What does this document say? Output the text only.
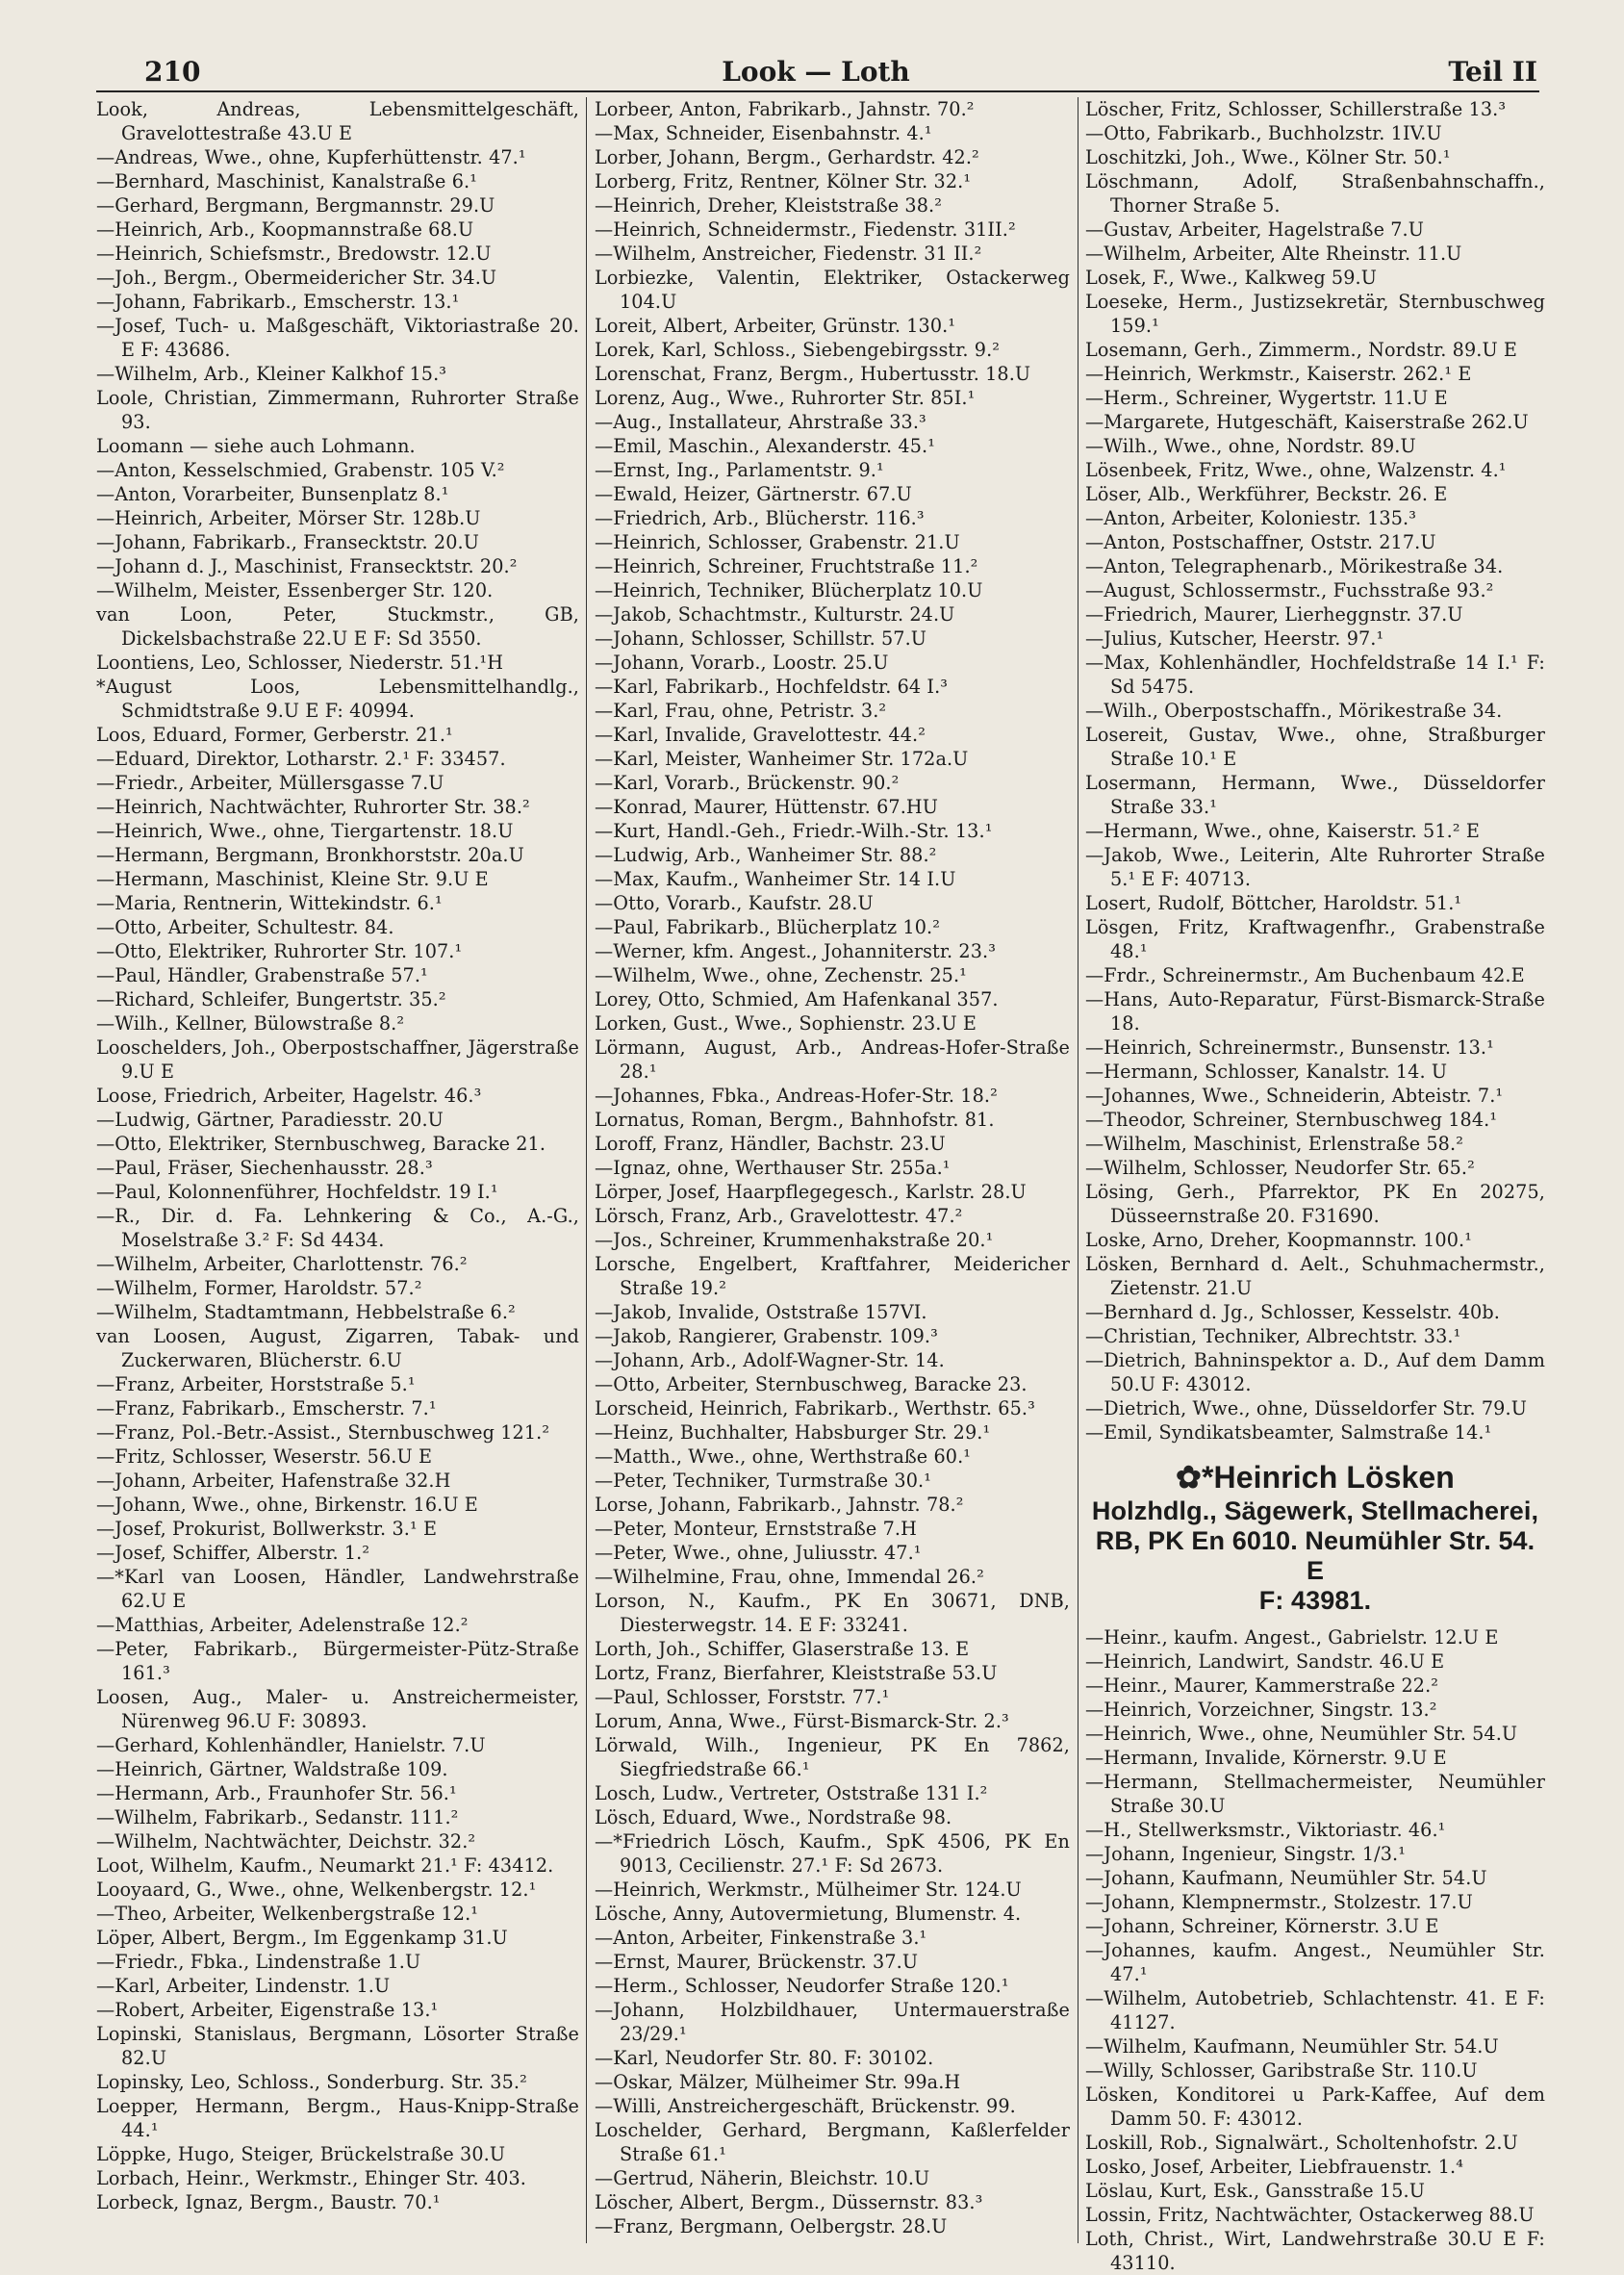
210	Look — Loth	Teil II
Look, Andreas, Lebensmittelgeschäft, Gravelottestraße 43.U E
—Andreas, Wwe., ohne, Kupferhüttenstr. 47.¹
—Bernhard, Maschinist, Kanalstraße 6.¹
—Gerhard, Bergmann, Bergmannstr. 29.U
—Heinrich, Arb., Koopmannstraße 68.U
—Heinrich, Schiefsmstr., Bredowstr. 12.U
—Joh., Bergm., Obermeidericher Str. 34.U
—Johann, Fabrikarb., Emscherstr. 13.¹
—Josef, Tuch- u. Maßgeschäft, Viktoriastraße 20. E F: 43686.
—Wilhelm, Arb., Kleiner Kalkhof 15.³
Loole, Christian, Zimmermann, Ruhrorter Straße 93.
Loomann — siehe auch Lohmann.
—Anton, Kesselschmied, Grabenstr. 105 V.²
—Anton, Vorarbeiter, Bunsenplatz 8.¹
—Heinrich, Arbeiter, Mörser Str. 128b.U
—Johann, Fabrikarb., Fransecktstr. 20.U
—Johann d. J., Maschinist, Fransecktstr. 20.²
—Wilhelm, Meister, Essenberger Str. 120.
van Loon, Peter, Stuckmstr., GB, Dickelsbachstraße 22.U E F: Sd 3550.
Loontiens, Leo, Schlosser, Niederstr. 51.¹H
*August Loos, Lebensmittelhandlg., Schmidtstraße 9.U E F: 40994.
Loos, Eduard, Former, Gerberstr. 21.¹
—Eduard, Direktor, Lotharstr. 2.¹ F: 33457.
—Friedr., Arbeiter, Müllersgasse 7.U
—Heinrich, Nachtwächter, Ruhrorter Str. 38.²
—Heinrich, Wwe., ohne, Tiergartenstr. 18.U
—Hermann, Bergmann, Bronkhorststr. 20a.U
—Hermann, Maschinist, Kleine Str. 9.U E
—Maria, Rentnerin, Wittekindstr. 6.¹
—Otto, Arbeiter, Schultestr. 84.
—Otto, Elektriker, Ruhrorter Str. 107.¹
—Paul, Händler, Grabenstraße 57.¹
—Richard, Schleifer, Bungertstr. 35.²
—Wilh., Kellner, Bülowstraße 8.²
Looschelders, Joh., Oberpostschaffner, Jägerstraße 9.U E
Loose, Friedrich, Arbeiter, Hagelstr. 46.³
—Ludwig, Gärtner, Paradiesstr. 20.U
—Otto, Elektriker, Sternbuschweg, Baracke 21.
—Paul, Fräser, Siechenhausstr. 28.³
—Paul, Kolonnenführer, Hochfeldstr. 19 I.¹
—R., Dir. d. Fa. Lehnkering & Co., A.-G., Moselstraße 3.² F: Sd 4434.
—Wilhelm, Arbeiter, Charlottenstr. 76.²
—Wilhelm, Former, Haroldstr. 57.²
—Wilhelm, Stadtamtmann, Hebbelstraße 6.²
van Loosen, August, Zigarren, Tabak- und Zuckerwaren, Blücherstr. 6.U
—Franz, Arbeiter, Horststraße 5.¹
—Franz, Fabrikarb., Emscherstr. 7.¹
—Franz, Pol.-Betr.-Assist., Sternbuschweg 121.²
—Fritz, Schlosser, Weserstr. 56.U E
—Johann, Arbeiter, Hafenstraße 32.H
—Johann, Wwe., ohne, Birkenstr. 16.U E
—Josef, Prokurist, Bollwerkstr. 3.¹ E
—Josef, Schiffer, Alberstr. 1.²
—*Karl van Loosen, Händler, Landwehrstraße 62.U E
—Matthias, Arbeiter, Adelenstraße 12.²
—Peter, Fabrikarb., Bürgermeister-Pütz-Straße 161.³
Loosen, Aug., Maler- u. Anstreichermeister, Nürenweg 96.U F: 30893.
—Gerhard, Kohlenhändler, Hanielstr. 7.U
—Heinrich, Gärtner, Waldstraße 109.
—Hermann, Arb., Fraunhofer Str. 56.¹
—Wilhelm, Fabrikarb., Sedanstr. 111.²
—Wilhelm, Nachtwächter, Deichstr. 32.²
Loot, Wilhelm, Kaufm., Neumarkt 21.¹ F: 43412.
Looyaard, G., Wwe., ohne, Welkenbergstr. 12.¹
—Theo, Arbeiter, Welkenbergstraße 12.¹
Löper, Albert, Bergm., Im Eggenkamp 31.U
—Friedr., Fbka., Lindenstraße 1.U
—Karl, Arbeiter, Lindenstr. 1.U
—Robert, Arbeiter, Eigenstraße 13.¹
Lopinski, Stanislaus, Bergmann, Lösorter Straße 82.U
Lopinsky, Leo, Schloss., Sonderburg. Str. 35.²
Loepper, Hermann, Bergm., Haus-Knipp-Straße 44.¹
Löppke, Hugo, Steiger, Brückelstraße 30.U
Lorbach, Heinr., Werkmstr., Ehinger Str. 403.
Lorbeck, Ignaz, Bergm., Baustr. 70.¹
Lorbeer, Anton, Fabrikarb., Jahnstr. 70.²
—Max, Schneider, Eisenbahnstr. 4.¹
Lorber, Johann, Bergm., Gerhardstr. 42.²
Lorberg, Fritz, Rentner, Kölner Str. 32.¹
—Heinrich, Dreher, Kleiststraße 38.²
—Heinrich, Schneidermstr., Fiedenstr. 31II.²
—Wilhelm, Anstreicher, Fiedenstr. 31 II.²
Lorbiezke, Valentin, Elektriker, Ostackerweg 104.U
Loreit, Albert, Arbeiter, Grünstr. 130.¹
Lorek, Karl, Schloss., Siebengebirgsstr. 9.²
Lorenschat, Franz, Bergm., Hubertusstr. 18.U
Lorenz, Aug., Wwe., Ruhrorter Str. 85I.¹
—Aug., Installateur, Ahrstraße 33.³
—Emil, Maschin., Alexanderstr. 45.¹
—Ernst, Ing., Parlamentstr. 9.¹
—Ewald, Heizer, Gärtnerstr. 67.U
—Friedrich, Arb., Blücherstr. 116.³
—Heinrich, Schlosser, Grabenstr. 21.U
—Heinrich, Schreiner, Fruchtstraße 11.²
—Heinrich, Techniker, Blücherplatz 10.U
—Jakob, Schachtmstr., Kulturstr. 24.U
—Johann, Schlosser, Schillstr. 57.U
—Johann, Vorarb., Loostr. 25.U
—Karl, Fabrikarb., Hochfeldstr. 64 I.³
—Karl, Frau, ohne, Petristr. 3.²
—Karl, Invalide, Gravelottestr. 44.²
—Karl, Meister, Wanheimer Str. 172a.U
—Karl, Vorarb., Brückenstr. 90.²
—Konrad, Maurer, Hüttenstr. 67.HU
—Kurt, Handl.-Geh., Friedr.-Wilh.-Str. 13.¹
—Ludwig, Arb., Wanheimer Str. 88.²
—Max, Kaufm., Wanheimer Str. 14 I.U
—Otto, Vorarb., Kaufstr. 28.U
—Paul, Fabrikarb., Blücherplatz 10.²
—Werner, kfm. Angest., Johanniterstr. 23.³
—Wilhelm, Wwe., ohne, Zechenstr. 25.¹
Lorey, Otto, Schmied, Am Hafenkanal 357.
Lorken, Gust., Wwe., Sophienstr. 23.U E
Lörmann, August, Arb., Andreas-Hofer-Straße 28.¹
—Johannes, Fbka., Andreas-Hofer-Str. 18.²
Lornatus, Roman, Bergm., Bahnhofstr. 81.
Loroff, Franz, Händler, Bachstr. 23.U
—Ignaz, ohne, Werthauser Str. 255a.¹
Lörper, Josef, Haarpflegegesch., Karlstr. 28.U
Lörsch, Franz, Arb., Gravelottestr. 47.²
—Jos., Schreiner, Krummenhakstraße 20.¹
Lorsche, Engelbert, Kraftfahrer, Meidericher Straße 19.²
—Jakob, Invalide, Oststraße 157VI.
—Jakob, Rangierer, Grabenstr. 109.³
—Johann, Arb., Adolf-Wagner-Str. 14.
—Otto, Arbeiter, Sternbuschweg, Baracke 23.
Lorscheid, Heinrich, Fabrikarb., Werthstr. 65.³
—Heinz, Buchhalter, Habsburger Str. 29.¹
—Matth., Wwe., ohne, Werthstraße 60.¹
—Peter, Techniker, Turmstraße 30.¹
Lorse, Johann, Fabrikarb., Jahnstr. 78.²
—Peter, Monteur, Ernststraße 7.H
—Peter, Wwe., ohne, Juliusstr. 47.¹
—Wilhelmine, Frau, ohne, Immendal 26.²
Lorson, N., Kaufm., PK En 30671, DNB, Diesterwegstr. 14. E F: 33241.
Lorth, Joh., Schiffer, Glaserstraße 13. E
Lortz, Franz, Bierfahrer, Kleiststraße 53.U
—Paul, Schlosser, Forststr. 77.¹
Lorum, Anna, Wwe., Fürst-Bismarck-Str. 2.³
Lörwald, Wilh., Ingenieur, PK En 7862, Siegfriedstraße 66.¹
Losch, Ludw., Vertreter, Oststraße 131 I.²
Lösch, Eduard, Wwe., Nordstraße 98.
—*Friedrich Lösch, Kaufm., SpK 4506, PK En 9013, Cecilienstr. 27.¹ F: Sd 2673.
—Heinrich, Werkmstr., Mülheimer Str. 124.U
Lösche, Anny, Autovermietung, Blumenstr. 4.
—Anton, Arbeiter, Finkenstraße 3.¹
—Ernst, Maurer, Brückenstr. 37.U
—Herm., Schlosser, Neudorfer Straße 120.¹
—Johann, Holzbildhauer, Untermauerstraße 23/29.¹
—Karl, Neudorfer Str. 80. F: 30102.
—Oskar, Mälzer, Mülheimer Str. 99a.H
—Willi, Anstreichergeschäft, Brückenstr. 99.
Loschelder, Gerhard, Bergmann, Kaßlerfelder Straße 61.¹
—Gertrud, Näherin, Bleichstr. 10.U
Löscher, Albert, Bergm., Düssernstr. 83.³
—Franz, Bergmann, Oelbergstr. 28.U
Löscher, Fritz, Schlosser, Schillerstraße 13.³
—Otto, Fabrikarb., Buchholzstr. 1IV.U
Loschitzki, Joh., Wwe., Kölner Str. 50.¹
Löschmann, Adolf, Straßenbahnschaffn., Thorner Straße 5.
—Gustav, Arbeiter, Hagelstraße 7.U
—Wilhelm, Arbeiter, Alte Rheinstr. 11.U
Losek, F., Wwe., Kalkweg 59.U
Loeseke, Herm., Justizsekretär, Sternbuschweg 159.¹
Losemann, Gerh., Zimmerm., Nordstr. 89.U E
—Heinrich, Werkmstr., Kaiserstr. 262.¹ E
—Herm., Schreiner, Wygertstr. 11.U E
—Margarete, Hutgeschäft, Kaiserstraße 262.U
—Wilh., Wwe., ohne, Nordstr. 89.U
Lösenbeek, Fritz, Wwe., ohne, Walzenstr. 4.¹
Löser, Alb., Werkführer, Beckstr. 26. E
—Anton, Arbeiter, Koloniestr. 135.³
—Anton, Postschaffner, Oststr. 217.U
—Anton, Telegraphenarb., Mörikestraße 34.
—August, Schlossermstr., Fuchsstraße 93.²
—Friedrich, Maurer, Lierheggnstr. 37.U
—Julius, Kutscher, Heerstr. 97.¹
—Max, Kohlenhändler, Hochfeldstraße 14 I.¹ F: Sd 5475.
—Wilh., Oberpostschaffn., Mörikestraße 34.
Losereit, Gustav, Wwe., ohne, Straßburger Straße 10.¹ E
Losermann, Hermann, Wwe., Düsseldorfer Straße 33.¹
—Hermann, Wwe., ohne, Kaiserstr. 51.² E
—Jakob, Wwe., Leiterin, Alte Ruhrorter Straße 5.¹ E F: 40713.
Losert, Rudolf, Böttcher, Haroldstr. 51.¹
Lösgen, Fritz, Kraftwagenfhr., Grabenstraße 48.¹
—Frdr., Schreinermstr., Am Buchenbaum 42.E
—Hans, Auto-Reparatur, Fürst-Bismarck-Straße 18.
—Heinrich, Schreinermstr., Bunsenstr. 13.¹
—Hermann, Schlosser, Kanalstr. 14. U
—Johannes, Wwe., Schneiderin, Abteistr. 7.¹
—Theodor, Schreiner, Sternbuschweg 184.¹
—Wilhelm, Maschinist, Erlenstraße 58.²
—Wilhelm, Schlosser, Neudorfer Str. 65.²
Lösing, Gerh., Pfarrektor, PK En 20275, Düsseernstraße 20. F31690.
Loske, Arno, Dreher, Koopmannstr. 100.¹
Lösken, Bernhard d. Aelt., Schuhmachermstr., Zietenstr. 21.U
—Bernhard d. Jg., Schlosser, Kesselstr. 40b.
—Christian, Techniker, Albrechtstr. 33.¹
—Dietrich, Bahninspektor a. D., Auf dem Damm 50.U F: 43012.
—Dietrich, Wwe., ohne, Düsseldorfer Str. 79.U
—Emil, Syndikatsbeamter, Salmstraße 14.¹
✿*Heinrich Lösken
Holzhdlg., Sägewerk, Stellmacherei,
RB, PK En 6010. Neumühler Str. 54. E
F: 43981.
—Heinr., kaufm. Angest., Gabrielstr. 12.U E
—Heinrich, Landwirt, Sandstr. 46.U E
—Heinr., Maurer, Kammerstraße 22.²
—Heinrich, Vorzeichner, Singstr. 13.²
—Heinrich, Wwe., ohne, Neumühler Str. 54.U
—Hermann, Invalide, Körnerstr. 9.U E
—Hermann, Stellmachermeister, Neumühler Straße 30.U
—H., Stellwerksmstr., Viktoriastr. 46.¹
—Johann, Ingenieur, Singstr. 1/3.¹
—Johann, Kaufmann, Neumühler Str. 54.U
—Johann, Klempnermstr., Stolzestr. 17.U
—Johann, Schreiner, Körnerstr. 3.U E
—Johannes, kaufm. Angest., Neumühler Str. 47.¹
—Wilhelm, Autobetrieb, Schlachtenstr. 41. E F: 41127.
—Wilhelm, Kaufmann, Neumühler Str. 54.U
—Willy, Schlosser, Garibstraße Str. 110.U
Lösken, Konditorei u Park-Kaffee, Auf dem Damm 50. F: 43012.
Loskill, Rob., Signalwärt., Scholtenhofstr. 2.U
Losko, Josef, Arbeiter, Liebfrauenstr. 1.⁴
Löslau, Kurt, Esk., Gansstraße 15.U
Lossin, Fritz, Nachtwächter, Ostackerweg 88.U
Loth, Christ., Wirt, Landwehrstraße 30.U E F: 43110.
